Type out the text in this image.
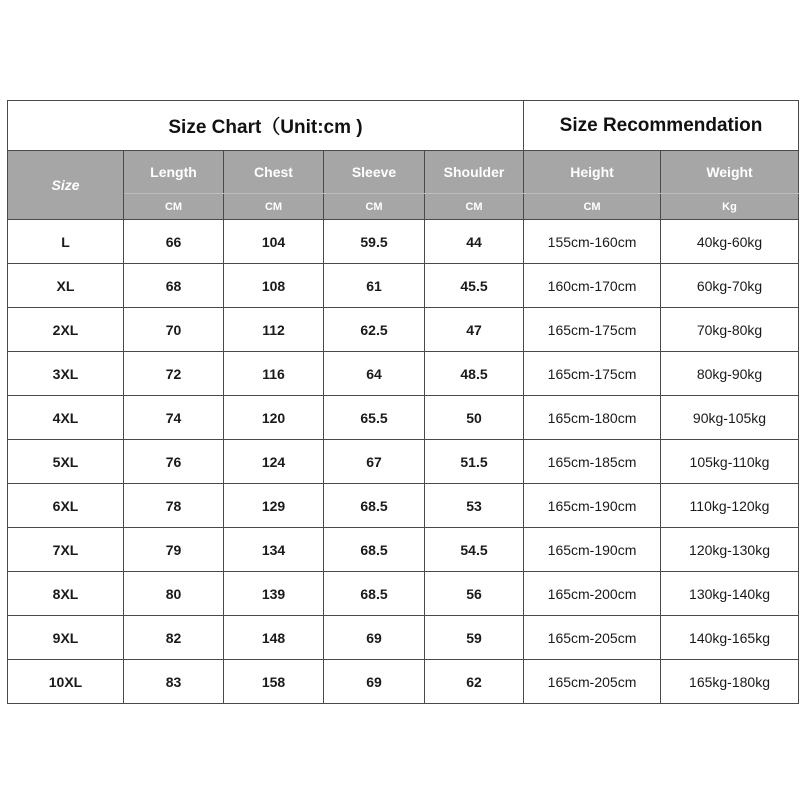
Size Chart（Unit:cm )					Size Recommendation	
Size	Length	Chest	Sleeve	Shoulder	Height	Weight
	CM	CM	CM	CM	CM	Kg
L	66	104	59.5	44	155cm-160cm	40kg-60kg
XL	68	108	61	45.5	160cm-170cm	60kg-70kg
2XL	70	112	62.5	47	165cm-175cm	70kg-80kg
3XL	72	116	64	48.5	165cm-175cm	80kg-90kg
4XL	74	120	65.5	50	165cm-180cm	90kg-105kg
5XL	76	124	67	51.5	165cm-185cm	105kg-110kg
6XL	78	129	68.5	53	165cm-190cm	110kg-120kg
7XL	79	134	68.5	54.5	165cm-190cm	120kg-130kg
8XL	80	139	68.5	56	165cm-200cm	130kg-140kg
9XL	82	148	69	59	165cm-205cm	140kg-165kg
10XL	83	158	69	62	165cm-205cm	165kg-180kg
